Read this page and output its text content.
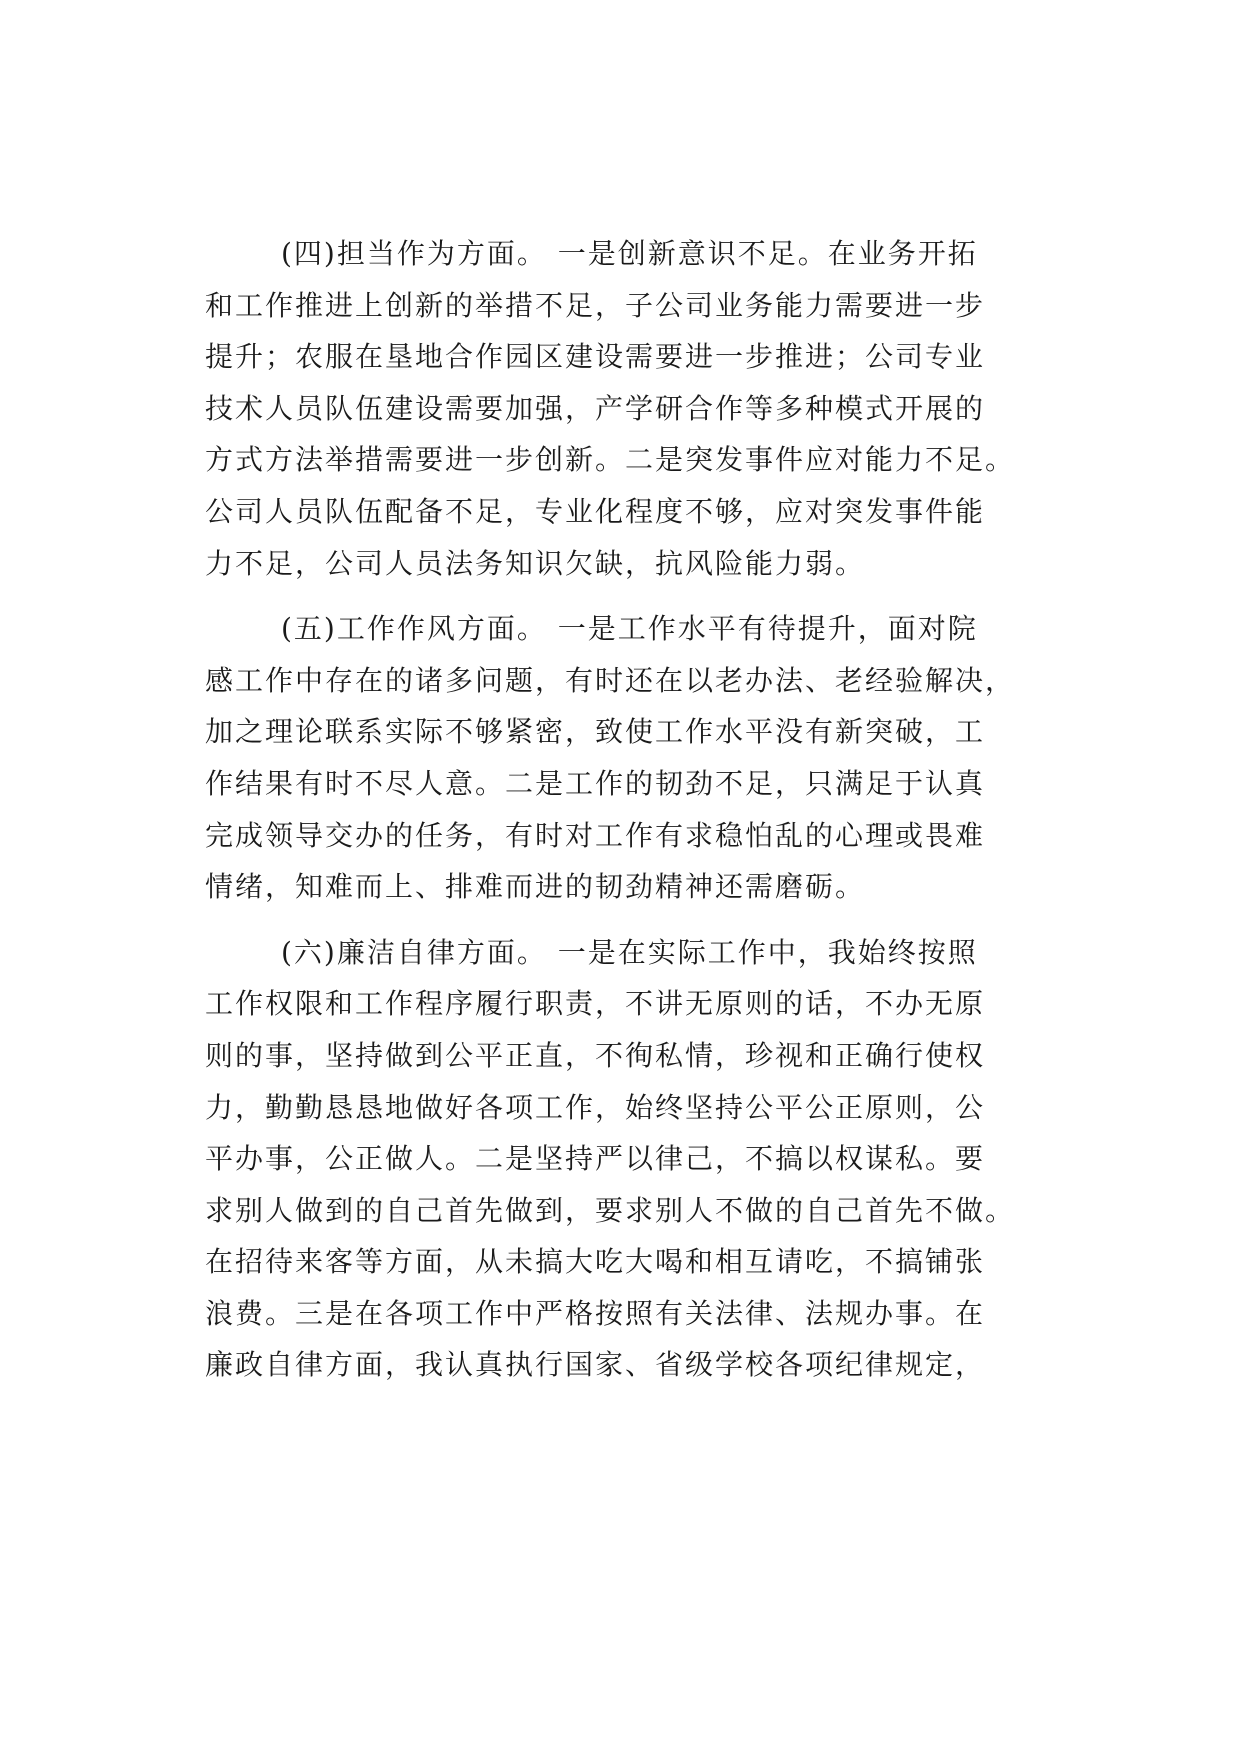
(四)担当作为方面。 一是创新意识不足。在业务开拓
和工作推进上创新的举措不足，子公司业务能力需要进一步
提升；农服在垦地合作园区建设需要进一步推进；公司专业
技术人员队伍建设需要加强，产学研合作等多种模式开展的
方式方法举措需要进一步创新。二是突发事件应对能力不足。
公司人员队伍配备不足，专业化程度不够，应对突发事件能
力不足，公司人员法务知识欠缺，抗风险能力弱。

(五)工作作风方面。 一是工作水平有待提升，面对院
感工作中存在的诸多问题，有时还在以老办法、老经验解决，
加之理论联系实际不够紧密，致使工作水平没有新突破，工
作结果有时不尽人意。二是工作的韧劲不足，只满足于认真
完成领导交办的任务，有时对工作有求稳怕乱的心理或畏难
情绪，知难而上、排难而进的韧劲精神还需磨砺。

(六)廉洁自律方面。 一是在实际工作中，我始终按照
工作权限和工作程序履行职责，不讲无原则的话，不办无原
则的事，坚持做到公平正直，不徇私情，珍视和正确行使权
力，勤勤恳恳地做好各项工作，始终坚持公平公正原则，公
平办事，公正做人。二是坚持严以律己，不搞以权谋私。要
求别人做到的自己首先做到，要求别人不做的自己首先不做。
在招待来客等方面，从未搞大吃大喝和相互请吃，不搞铺张
浪费。三是在各项工作中严格按照有关法律、法规办事。在
廉政自律方面，我认真执行国家、省级学校各项纪律规定，
